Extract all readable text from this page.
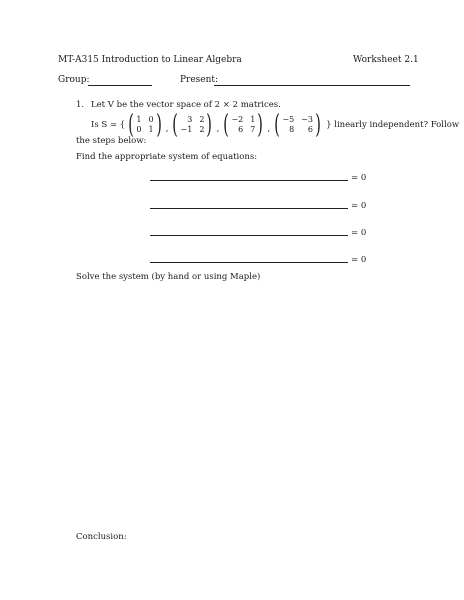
MT-A315 Introduction to Linear Algebra	Worksheet 2.1
Group:	Present:
1. Let V be the vector space of 2 × 2 matrices.
Is S = { ( 1 0
0 1 ) , (	3 2
−1 2 ) , ( −2 1
6 7 ) , ( −5 −3
8	6 ) } linearly independent? Follow
the steps below:
Find the appropriate system of equations:
= 0
= 0
= 0
= 0
Solve the system (by hand or using Maple)
Conclusion:
